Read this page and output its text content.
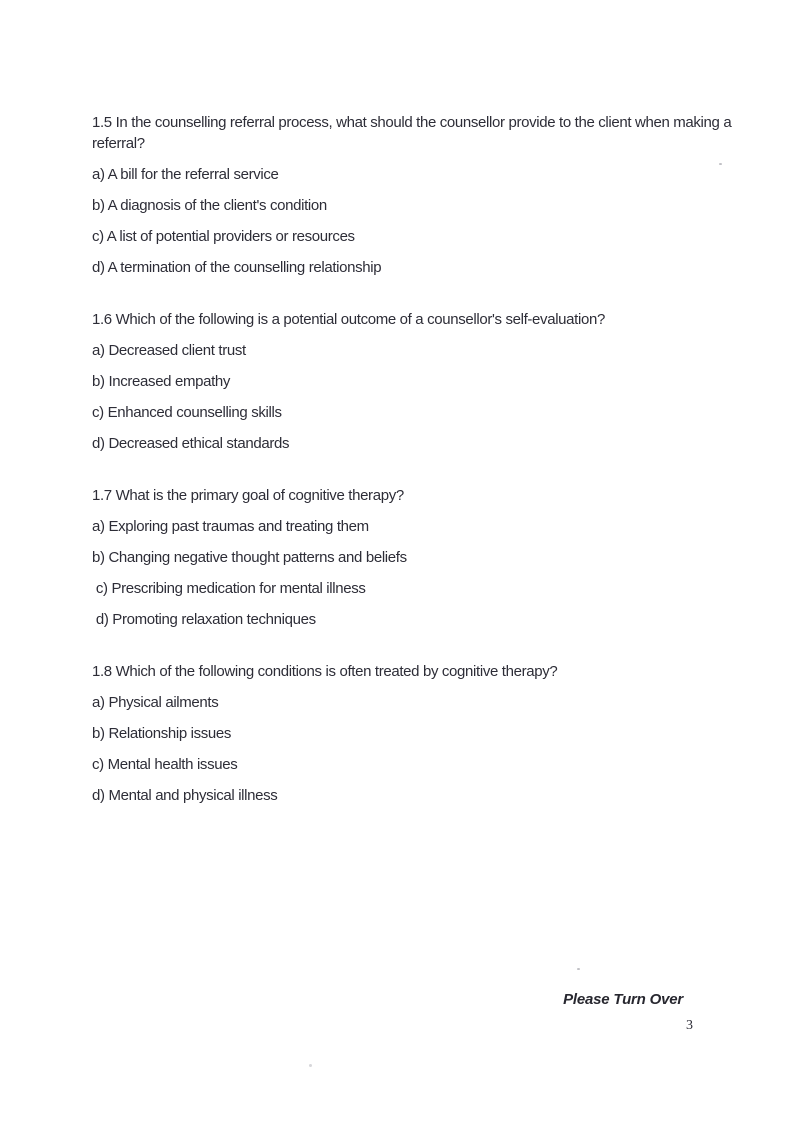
1.5 In the counselling referral process, what should the counsellor provide to the client when making a referral?

a) A bill for the referral service

b) A diagnosis of the client's condition

c) A list of potential providers or resources

d) A termination of the counselling relationship

1.6 Which of the following is a potential outcome of a counsellor's self-evaluation?

a) Decreased client trust

b) Increased empathy

c) Enhanced counselling skills

d) Decreased ethical standards

1.7 What is the primary goal of cognitive therapy?

a) Exploring past traumas and treating them

b) Changing negative thought patterns and beliefs

c) Prescribing medication for mental illness

d) Promoting relaxation techniques

1.8 Which of the following conditions is often treated by cognitive therapy?

a) Physical ailments

b) Relationship issues

c) Mental health issues

d) Mental and physical illness

Please Turn Over
3
